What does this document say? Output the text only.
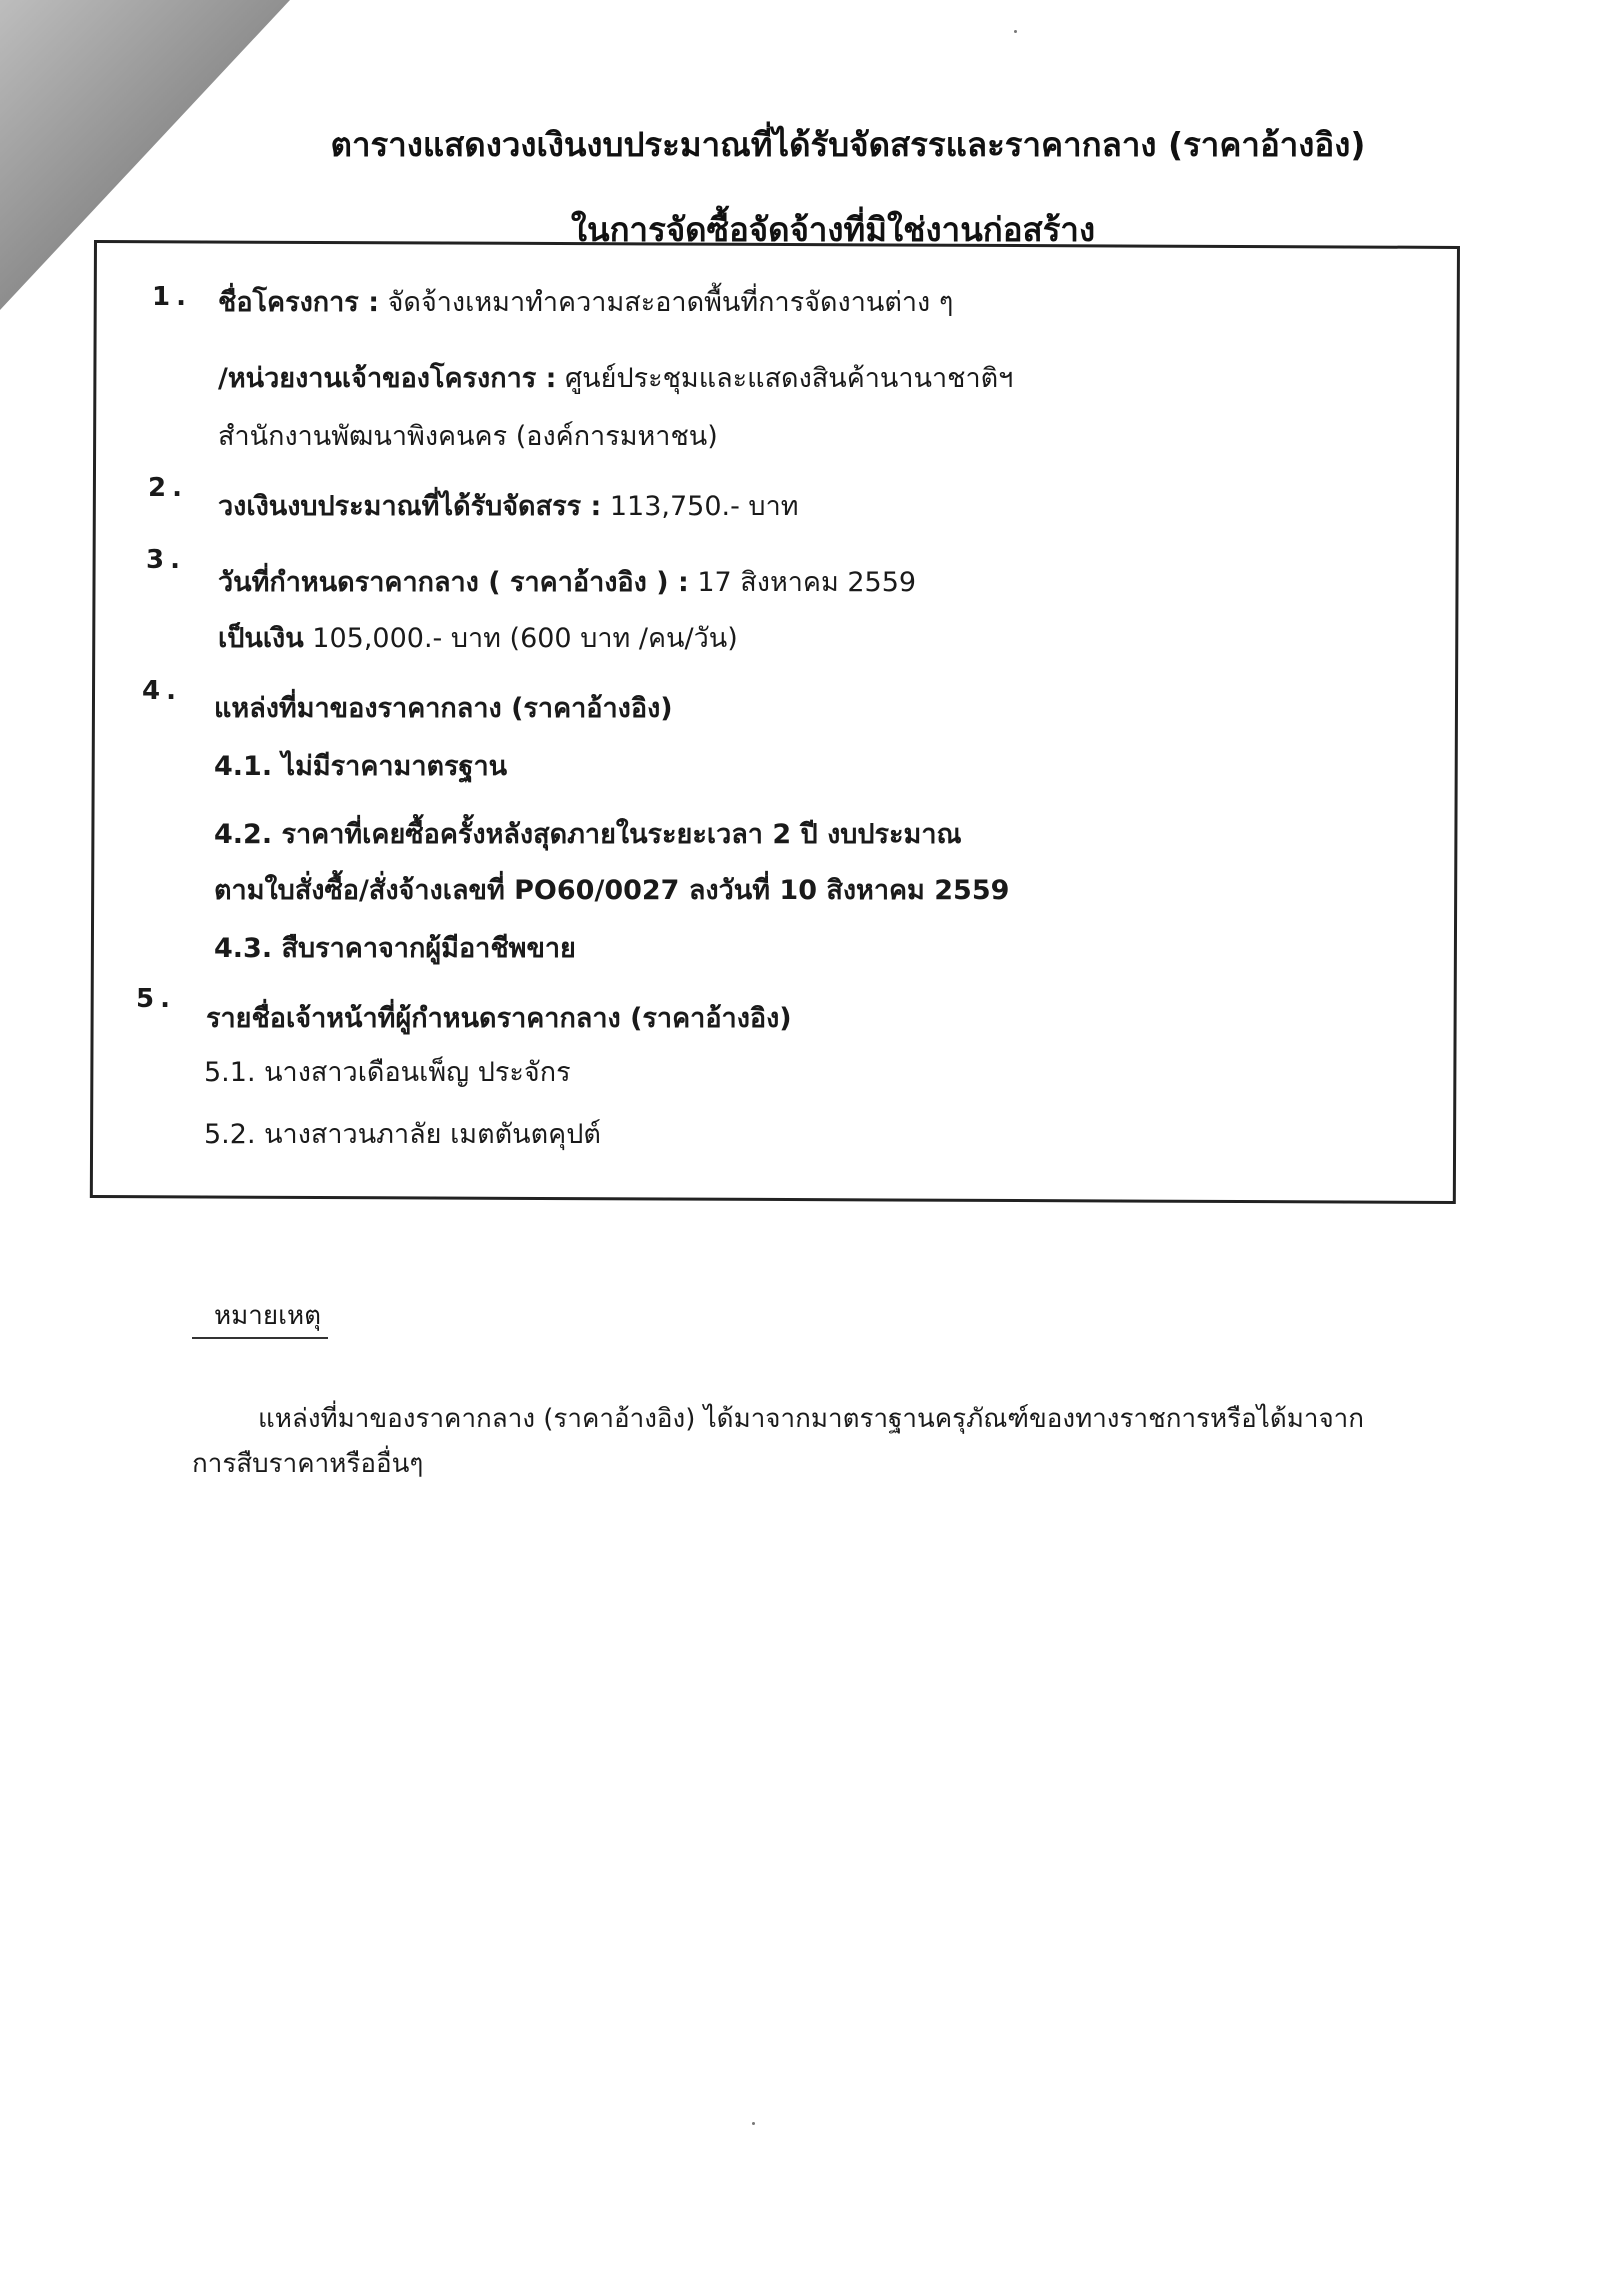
ตารางแสดงวงเงินงบประมาณที่ได้รับจัดสรรและราคากลาง (ราคาอ้างอิง)
ในการจัดซื้อจัดจ้างที่มิใช่งานก่อสร้าง
1. ชื่อโครงการ : จัดจ้างเหมาทำความสะอาดพื้นที่การจัดงานต่าง ๆ
/หน่วยงานเจ้าของโครงการ : ศูนย์ประชุมและแสดงสินค้านานาชาติฯ
สำนักงานพัฒนาพิงคนคร (องค์การมหาชน)
2.
วงเงินงบประมาณที่ได้รับจัดสรร : 113,750.- บาท
3.
วันที่กำหนดราคากลาง ( ราคาอ้างอิง ) : 17 สิงหาคม 2559
เป็นเงิน 105,000.- บาท (600 บาท /คน/วัน)
4.
แหล่งที่มาของราคากลาง (ราคาอ้างอิง)
4.1. ไม่มีราคามาตรฐาน
4.2. ราคาที่เคยซื้อครั้งหลังสุดภายในระยะเวลา 2 ปี งบประมาณ
ตามใบสั่งซื้อ/สั่งจ้างเลขที่ PO60/0027 ลงวันที่ 10 สิงหาคม 2559
4.3. สืบราคาจากผู้มีอาชีพขาย
5.
รายชื่อเจ้าหน้าที่ผู้กำหนดราคากลาง (ราคาอ้างอิง)
5.1. นางสาวเดือนเพ็ญ ประจักร
5.2. นางสาวนภาลัย เมตตันตคุปต์
หมายเหตุ
แหล่งที่มาของราคากลาง (ราคาอ้างอิง) ได้มาจากมาตราฐานครุภัณฑ์ของทางราชการหรือได้มาจาก
การสืบราคาหรืออื่นๆ
